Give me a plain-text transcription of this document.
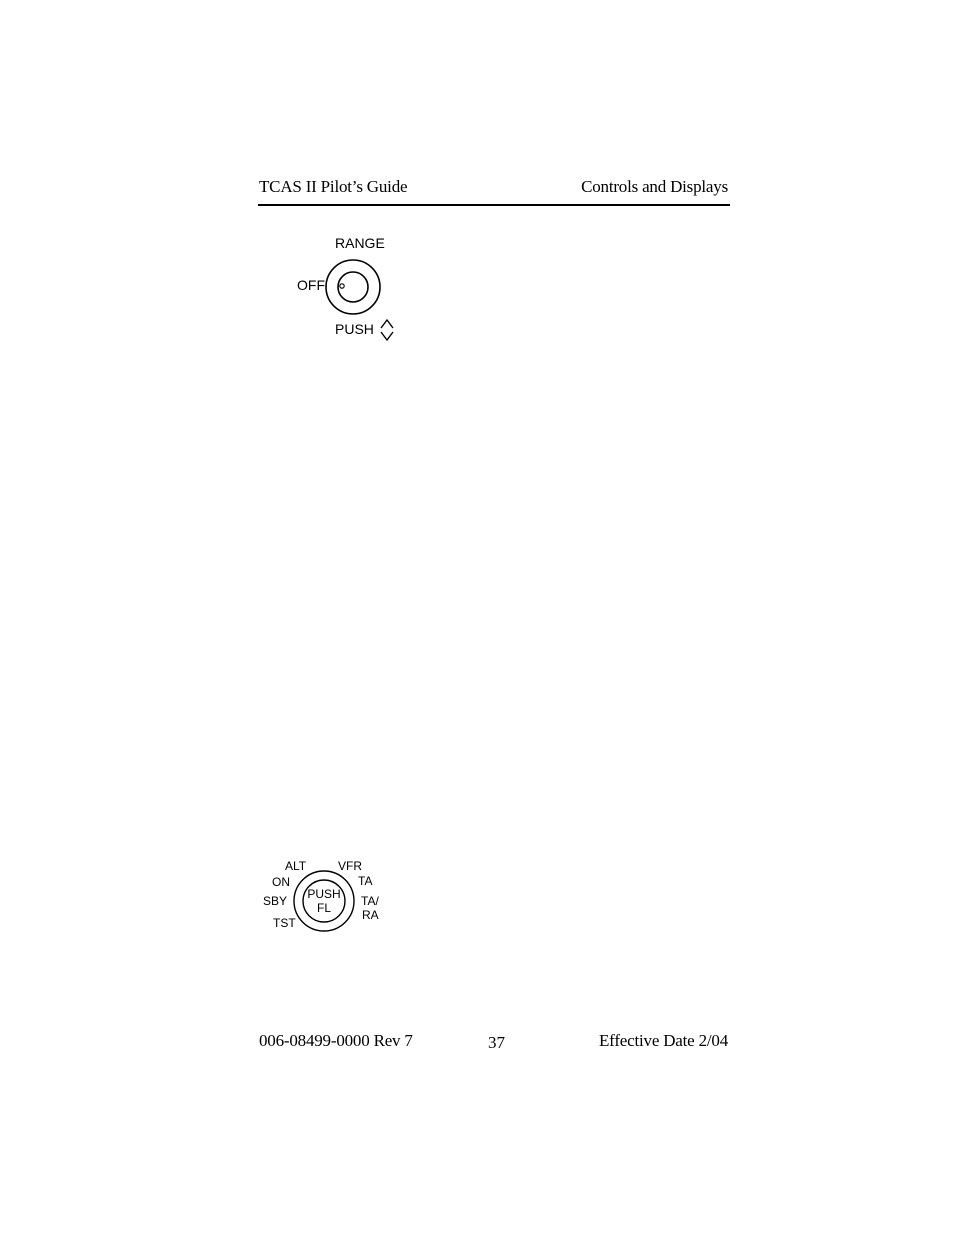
TCAS II Pilot’s Guide	Controls and Displays
RANGE
OFF
PUSH
ALT	VFR
ON	TA
SBY	TA/
RA
TST
PUSH
FL
006-08499-0000 Rev 7	37	Effective Date 2/04
